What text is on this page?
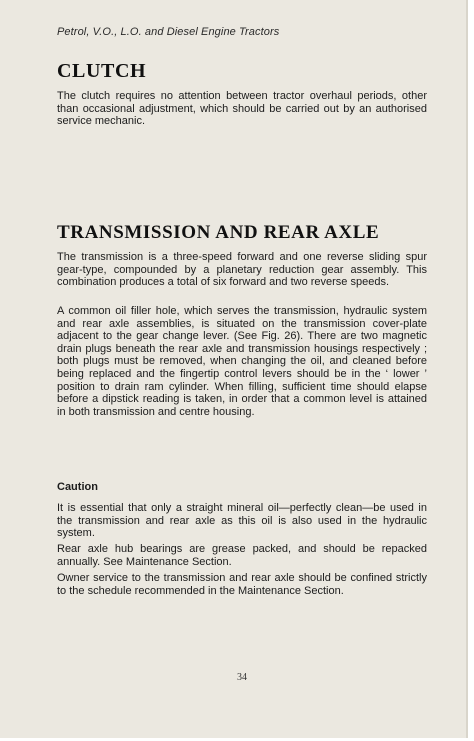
Petrol, V.O., L.O. and Diesel Engine Tractors
CLUTCH

The clutch requires no attention between tractor overhaul periods, other than occasional adjustment, which should be carried out by an authorised service mechanic.

TRANSMISSION AND REAR AXLE

The transmission is a three-speed forward and one reverse sliding spur gear-type, compounded by a planetary reduction gear assembly. This combination produces a total of six forward and two reverse speeds.

A common oil filler hole, which serves the transmission, hydraulic system and rear axle assemblies, is situated on the transmission cover-plate adjacent to the gear change lever. (See Fig. 26). There are two magnetic drain plugs beneath the rear axle and transmission housings respectively ; both plugs must be removed, when changing the oil, and cleaned before being replaced and the fingertip control levers should be in the ‘ lower ’ position to drain ram cylinder. When filling, sufficient time should elapse before a dipstick reading is taken, in order that a common level is attained in both transmission and centre housing.

Caution

It is essential that only a straight mineral oil—perfectly clean—be used in the transmission and rear axle as this oil is also used in the hydraulic system.

Rear axle hub bearings are grease packed, and should be repacked annually. See Maintenance Section.

Owner service to the transmission and rear axle should be confined strictly to the schedule recommended in the Maintenance Section.

34
